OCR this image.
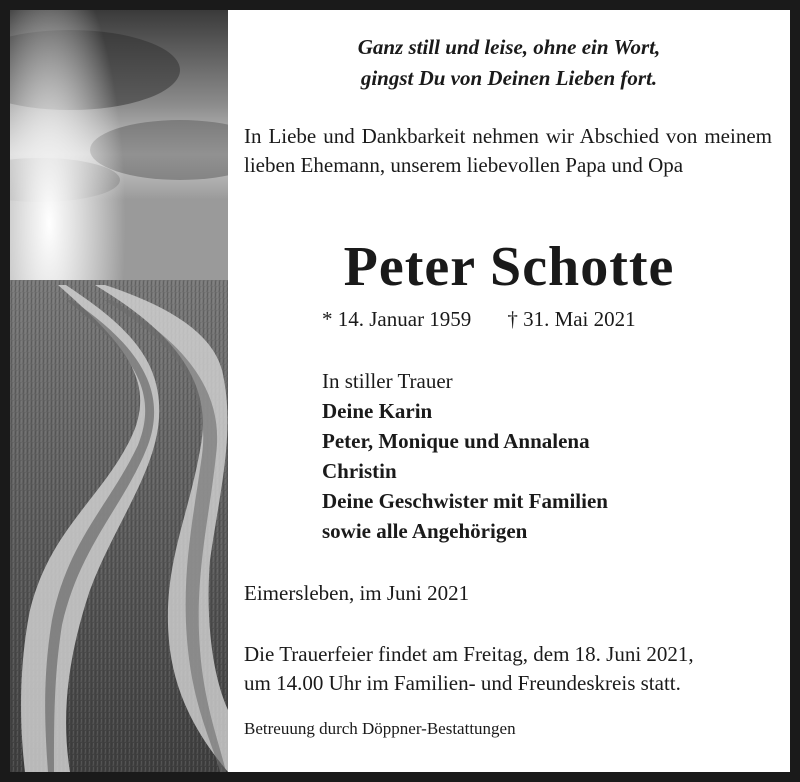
Ganz still und leise, ohne ein Wort,
gingst Du von Deinen Lieben fort.
In Liebe und Dankbarkeit nehmen wir Abschied von meinem lieben Ehemann, unserem liebevollen Papa und Opa
Peter Schotte
* 14. Januar 1959 † 31. Mai 2021
In stiller Trauer
Deine Karin
Peter, Monique und Annalena
Christin
Deine Geschwister mit Familien
sowie alle Angehörigen
Eimersleben, im Juni 2021
Die Trauerfeier findet am Freitag, dem 18. Juni 2021,
um 14.00 Uhr im Familien- und Freundeskreis statt.
Betreuung durch Döppner-Bestattungen
